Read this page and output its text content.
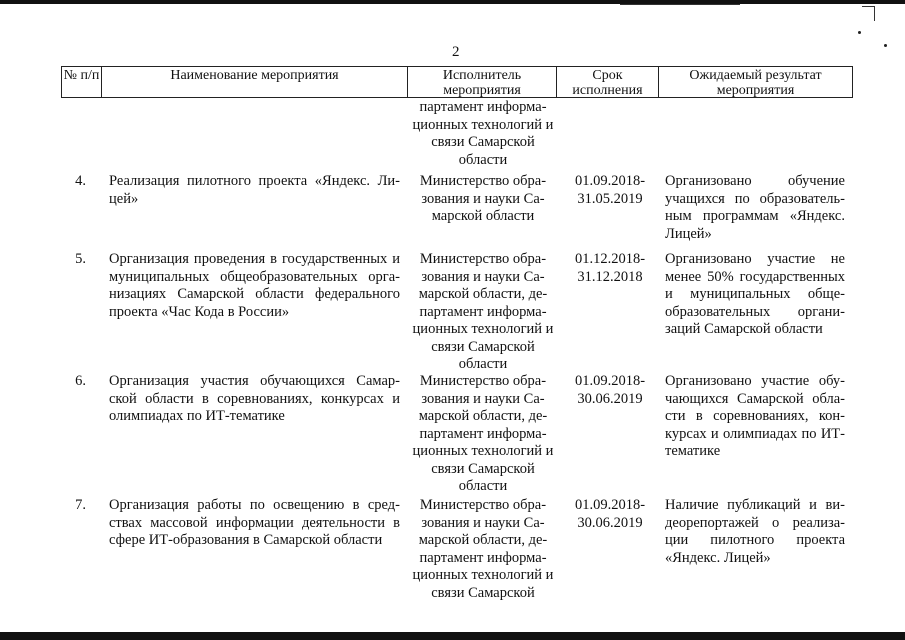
2
№ п/п	Наименование мероприятия	Исполнитель мероприятия
Срок исполнения
Ожидаемый результат мероприятия
партамент информа- ционных технологий и связи Самарской области
4. Реализация пилотного проекта «Яндекс. Ли- цей»
Министерство обра- зования и науки Са- марской области
01.09.2018- 31.05.2019
Организовано обучение учащихся по образователь- ным программам «Яндекс. Лицей»
5. Организация проведения в государственных и муниципальных общеобразовательных орга- низациях Самарской области федерального проекта «Час Кода в России»
Министерство обра- зования и науки Са- марской области, де- партамент информа- ционных технологий и связи Самарской области
01.12.2018- 31.12.2018
Организовано участие не менее 50% государственных и муниципальных обще- образовательных органи- заций Самарской области
6. Организация участия обучающихся Самар- ской области в соревнованиях, конкурсах и олимпиадах по ИТ-тематике
Министерство обра- зования и науки Са- марской области, де- партамент информа- ционных технологий и связи Самарской области
01.09.2018- 30.06.2019
Организовано участие обу- чающихся Самарской обла- сти в соревнованиях, кон- курсах и олимпиадах по ИТ-тематике
7. Организация работы по освещению в сред- ствах массовой информации деятельности в сфере ИТ-образования в Самарской области
Министерство обра- зования и науки Са- марской области, де- партамент информа- ционных технологий и связи Самарской
01.09.2018- 30.06.2019
Наличие публикаций и ви- деорепортажей о реализа- ции пилотного проекта «Яндекс. Лицей»
